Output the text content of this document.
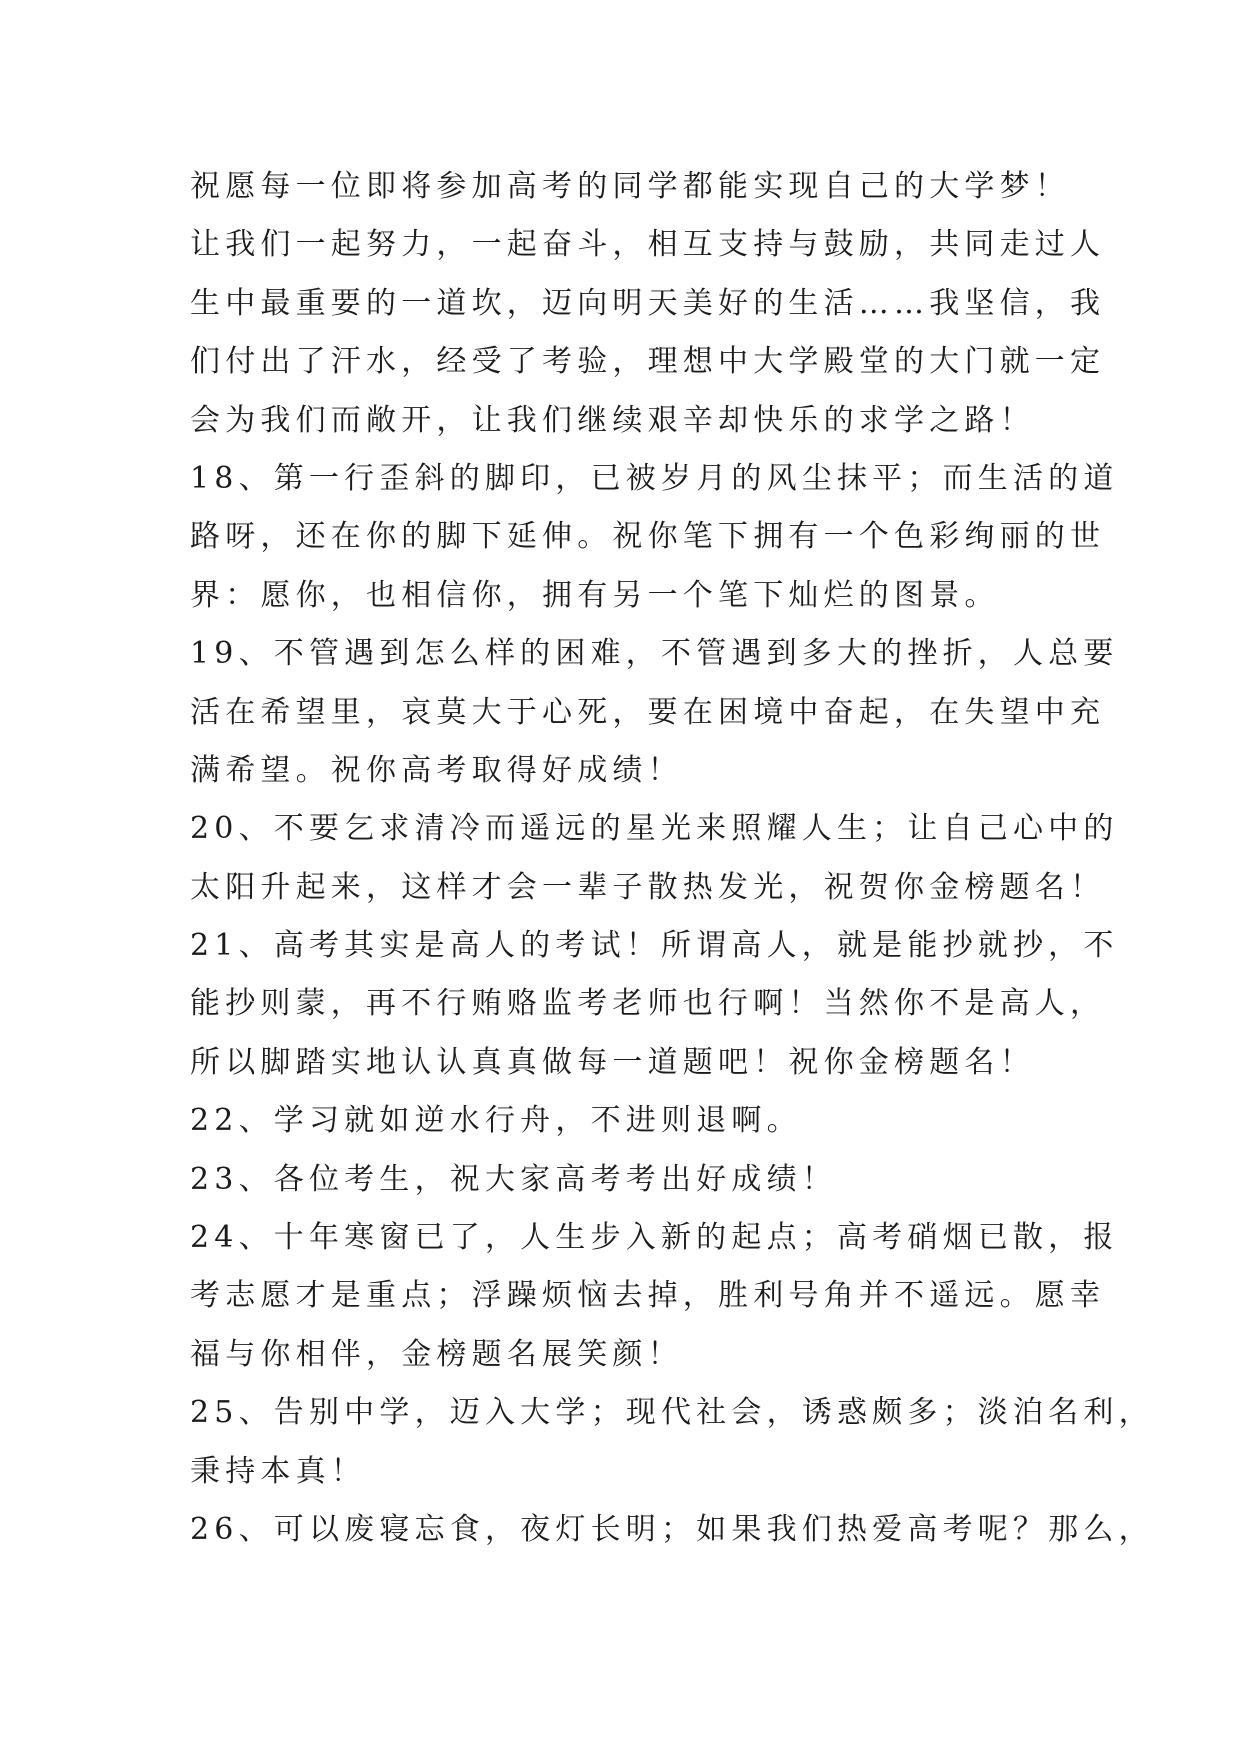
祝愿每一位即将参加高考的同学都能实现自己的大学梦！
让我们一起努力，一起奋斗，相互支持与鼓励，共同走过人
生中最重要的一道坎，迈向明天美好的生活……我坚信，我
们付出了汗水，经受了考验，理想中大学殿堂的大门就一定
会为我们而敞开，让我们继续艰辛却快乐的求学之路！
18、第一行歪斜的脚印，已被岁月的风尘抹平；而生活的道
路呀，还在你的脚下延伸。祝你笔下拥有一个色彩绚丽的世
界：愿你，也相信你，拥有另一个笔下灿烂的图景。
19、不管遇到怎么样的困难，不管遇到多大的挫折，人总要
活在希望里，哀莫大于心死，要在困境中奋起，在失望中充
满希望。祝你高考取得好成绩！
20、不要乞求清冷而遥远的星光来照耀人生；让自己心中的
太阳升起来，这样才会一辈子散热发光，祝贺你金榜题名！
21、高考其实是高人的考试！所谓高人，就是能抄就抄，不
能抄则蒙，再不行贿赂监考老师也行啊！当然你不是高人，
所以脚踏实地认认真真做每一道题吧！祝你金榜题名！
22、学习就如逆水行舟，不进则退啊。
23、各位考生，祝大家高考考出好成绩！
24、十年寒窗已了，人生步入新的起点；高考硝烟已散，报
考志愿才是重点；浮躁烦恼去掉，胜利号角并不遥远。愿幸
福与你相伴，金榜题名展笑颜！
25、告别中学，迈入大学；现代社会，诱惑颇多；淡泊名利，
秉持本真！
26、可以废寝忘食，夜灯长明；如果我们热爱高考呢？那么，
